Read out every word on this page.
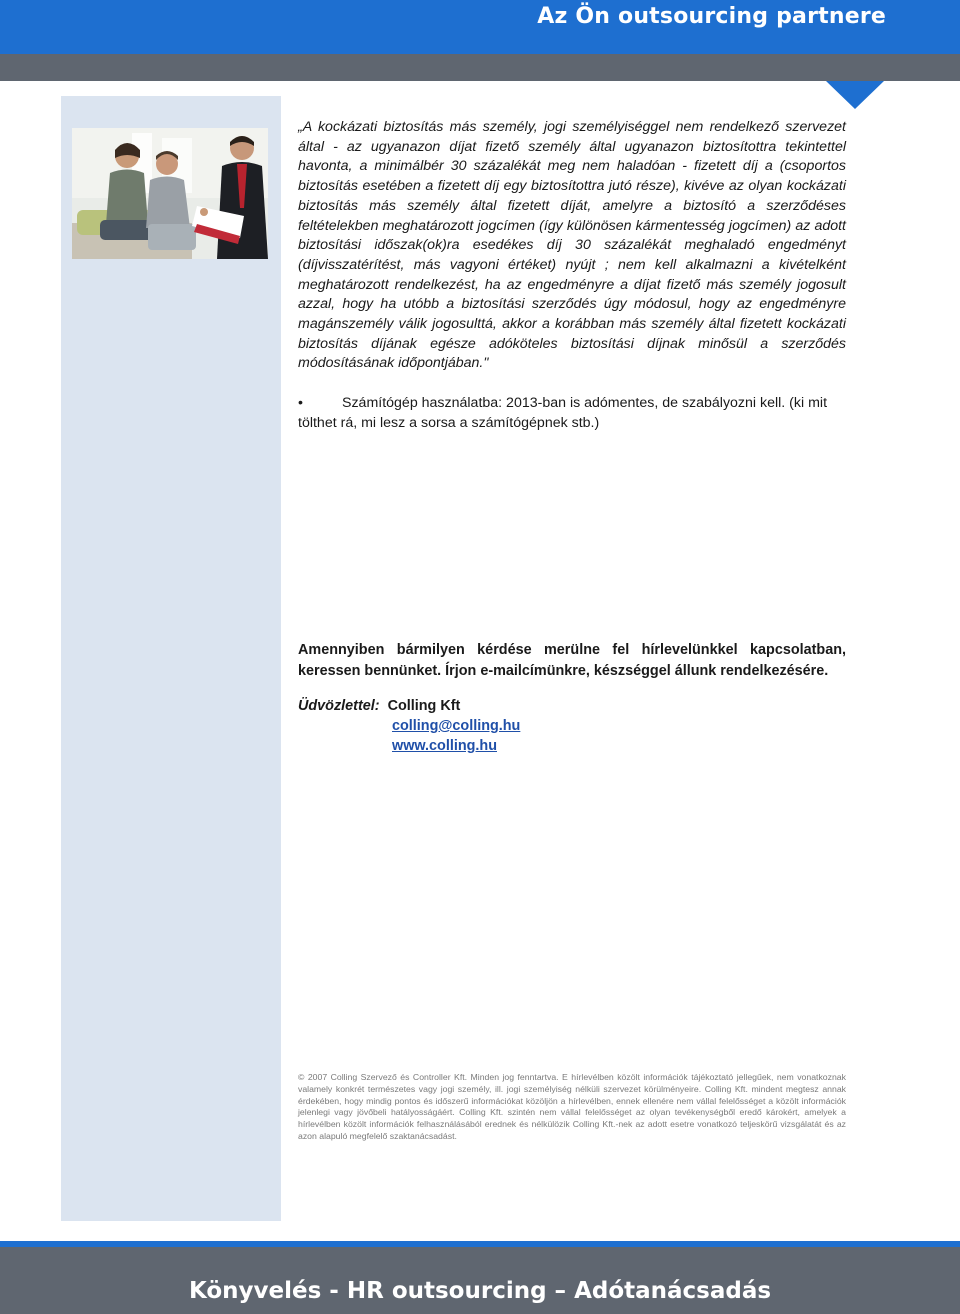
Az Ön outsourcing partnere

„A kockázati biztosítás más személy, jogi személyiséggel nem rendelkező szervezet által - az ugyanazon díjat fizető személy által ugyanazon biztosítottra tekintettel havonta, a minimálbér 30 százalékát meg nem haladóan - fizetett díj a (csoportos biztosítás esetében a fizetett díj egy biztosítottra jutó része), kivéve az olyan kockázati biztosítás más személy által fizetett díját, amelyre a biztosító a szerződéses feltételekben meghatározott jogcímen (így különösen kármentesség jogcímen) az adott biztosítási időszak(ok)ra esedékes díj 30 százalékát meghaladó engedményt (díjvisszatérítést, más vagyoni értéket) nyújt ; nem kell alkalmazni a kivételként meghatározott rendelkezést, ha az engedményre a díjat fizető más személy jogosult azzal, hogy ha utóbb a biztosítási szerződés úgy módosul, hogy az engedményre magánszemély válik jogosulttá, akkor a korábban más személy által fizetett kockázati biztosítás díjának egésze adóköteles biztosítási díjnak minősül a szerződés módosításának időpontjában."

•	Számítógép használatba: 2013-ban is adómentes, de szabályozni kell. (ki mit tölthet rá, mi lesz a sorsa a számítógépnek stb.)

Amennyiben bármilyen kérdése merülne fel hírlevelünkkel kapcsolatban, keressen bennünket. Írjon e-mailcímünkre, készséggel állunk rendelkezésére.

Üdvözlettel: Colling Kft
colling@colling.hu
www.colling.hu

© 2007 Colling Szervező és Controller Kft. Minden jog fenntartva. E hírlevélben közölt információk tájékoztató jellegűek, nem vonatkoznak valamely konkrét természetes vagy jogi személy, ill. jogi személyiség nélküli szervezet körülményeire. Colling Kft. mindent megtesz annak érdekében, hogy mindig pontos és időszerű információkat közöljön a hírlevélben, ennek ellenére nem vállal felelősséget a közölt információk jelenlegi vagy jövőbeli hatályosságáért. Colling Kft. szintén nem vállal felelősséget az olyan tevékenységből eredő károkért, amelyek a hírlevélben közölt információk felhasználásából erednek és nélkülözik Colling Kft.-nek az adott esetre vonatkozó teljeskörű vizsgálatát és az azon alapuló megfelelő szaktanácsadást.

Könyvelés - HR outsourcing – Adótanácsadás
